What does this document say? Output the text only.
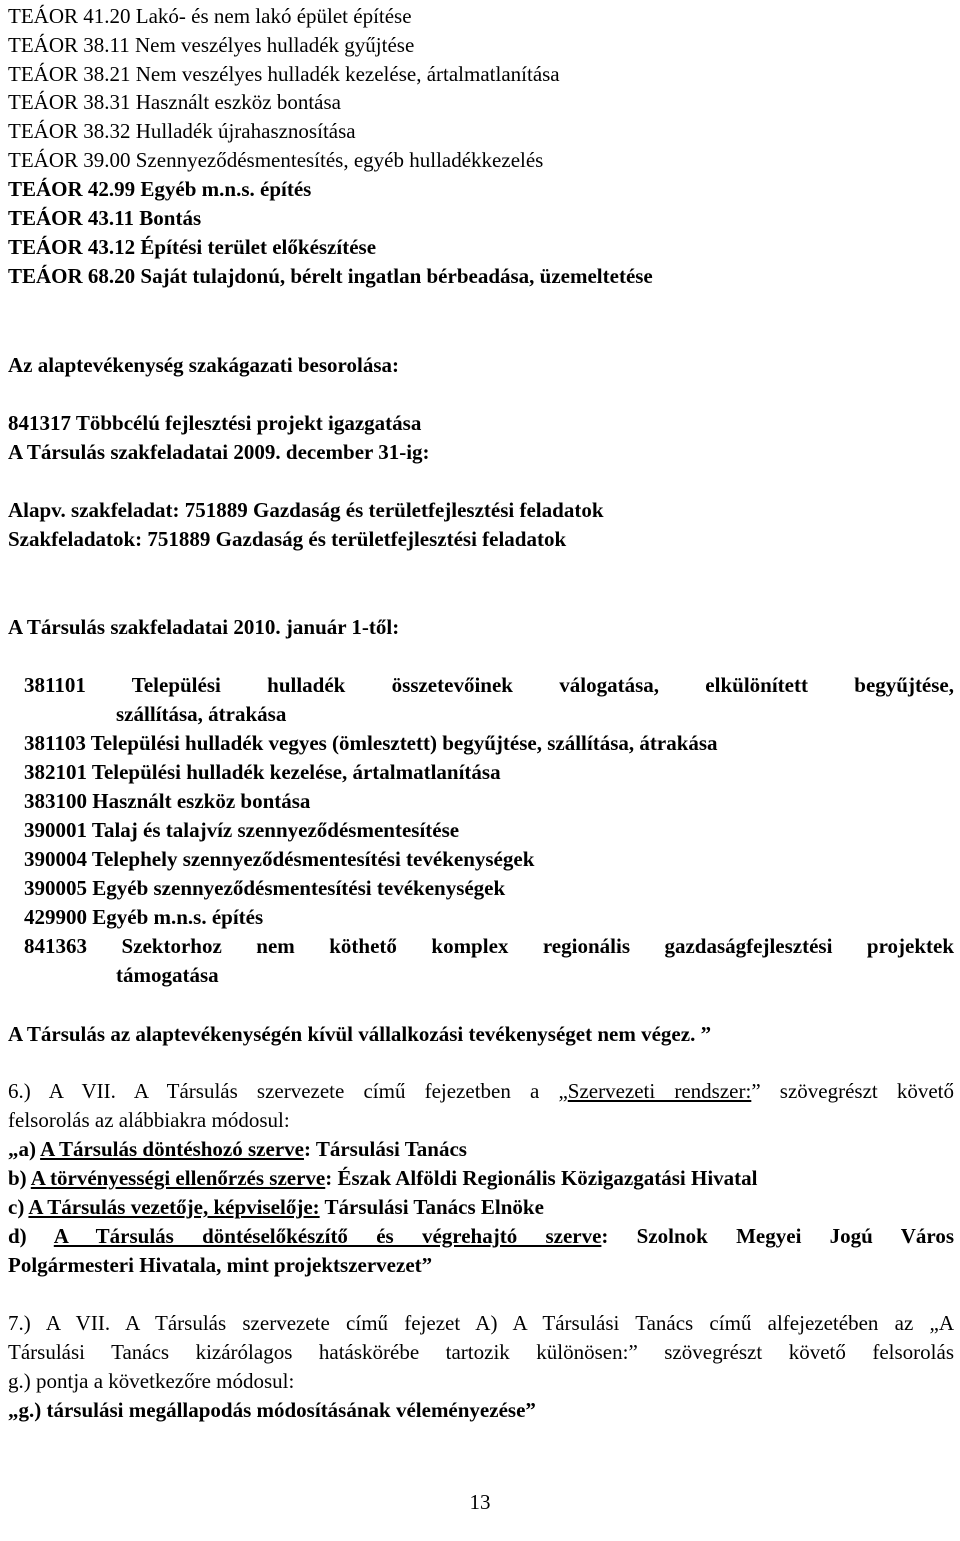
TEÁOR 41.20 Lakó- és nem lakó épület építése
TEÁOR 38.11 Nem veszélyes hulladék gyűjtése
TEÁOR 38.21 Nem veszélyes hulladék kezelése, ártalmatlanítása
TEÁOR 38.31 Használt eszköz bontása
TEÁOR 38.32 Hulladék újrahasznosítása
TEÁOR 39.00 Szennyeződésmentesítés, egyéb hulladékkezelés
TEÁOR 42.99 Egyéb m.n.s. építés
TEÁOR 43.11 Bontás
TEÁOR 43.12 Építési terület előkészítése
TEÁOR 68.20 Saját tulajdonú, bérelt ingatlan bérbeadása, üzemeltetése
Az alaptevékenység szakágazati besorolása:
841317 Többcélú fejlesztési projekt igazgatása
A Társulás szakfeladatai 2009. december 31-ig:
Alapv. szakfeladat: 751889 Gazdaság és területfejlesztési feladatok
Szakfeladatok: 751889 Gazdaság és területfejlesztési feladatok
A Társulás szakfeladatai 2010. január 1-től:
381101 Települési hulladék összetevőinek válogatása, elkülönített begyűjtése,
szállítása, átrakása
381103 Települési hulladék vegyes (ömlesztett) begyűjtése, szállítása, átrakása
382101 Települési hulladék kezelése, ártalmatlanítása
383100 Használt eszköz bontása
390001 Talaj és talajvíz szennyeződésmentesítése
390004 Telephely szennyeződésmentesítési tevékenységek
390005 Egyéb szennyeződésmentesítési tevékenységek
429900 Egyéb m.n.s. építés
841363 Szektorhoz nem köthető komplex regionális gazdaságfejlesztési projektek
támogatása
A Társulás az alaptevékenységén kívül vállalkozási tevékenységet nem végez. ”
6.) A VII. A Társulás szervezete című fejezetben a „Szervezeti rendszer:” szövegrészt követő
felsorolás az alábbiakra módosul:
„a) A Társulás döntéshozó szerve: Társulási Tanács
b) A törvényességi ellenőrzés szerve: Észak Alföldi Regionális Közigazgatási Hivatal
c) A Társulás vezetője, képviselője: Társulási Tanács Elnöke
d) A Társulás döntéselőkészítő és végrehajtó szerve: Szolnok Megyei Jogú Város
Polgármesteri Hivatala, mint projektszervezet”
7.) A VII. A Társulás szervezete című fejezet A) A Társulási Tanács című alfejezetében az „A
Társulási Tanács kizárólagos hatáskörébe tartozik különösen:” szövegrészt követő felsorolás
g.) pontja a következőre módosul:
„g.) társulási megállapodás módosításának véleményezése”
13
